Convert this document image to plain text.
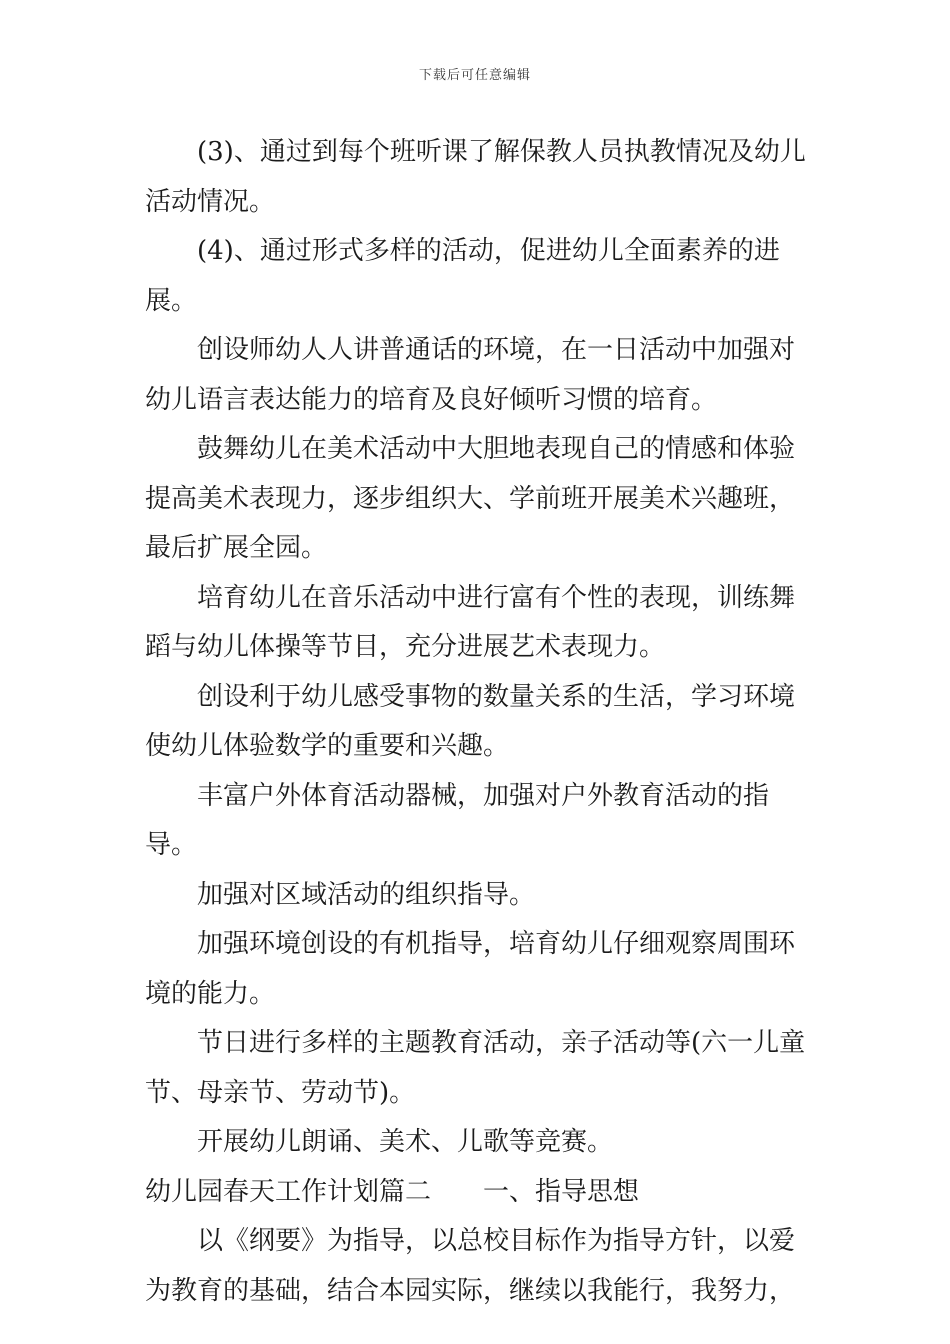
下载后可任意编辑

(3)、通过到每个班听课了解保教人员执教情况及幼儿活动情况。

(4)、通过形式多样的活动，促进幼儿全面素养的进展。

创设师幼人人讲普通话的环境，在一日活动中加强对幼儿语言表达能力的培育及良好倾听习惯的培育。

鼓舞幼儿在美术活动中大胆地表现自己的情感和体验提高美术表现力，逐步组织大、学前班开展美术兴趣班，最后扩展全园。

培育幼儿在音乐活动中进行富有个性的表现，训练舞蹈与幼儿体操等节目，充分进展艺术表现力。

创设利于幼儿感受事物的数量关系的生活，学习环境使幼儿体验数学的重要和兴趣。

丰富户外体育活动器械，加强对户外教育活动的指导。

加强对区域活动的组织指导。

加强环境创设的有机指导，培育幼儿仔细观察周围环境的能力。

节日进行多样的主题教育活动，亲子活动等(六一儿童节、母亲节、劳动节)。

开展幼儿朗诵、美术、儿歌等竞赛。

幼儿园春天工作计划篇二 一、指导思想

以《纲要》为指导，以总校目标作为指导方针，以爱为教育的基础，结合本园实际，继续以我能行，我努力，
